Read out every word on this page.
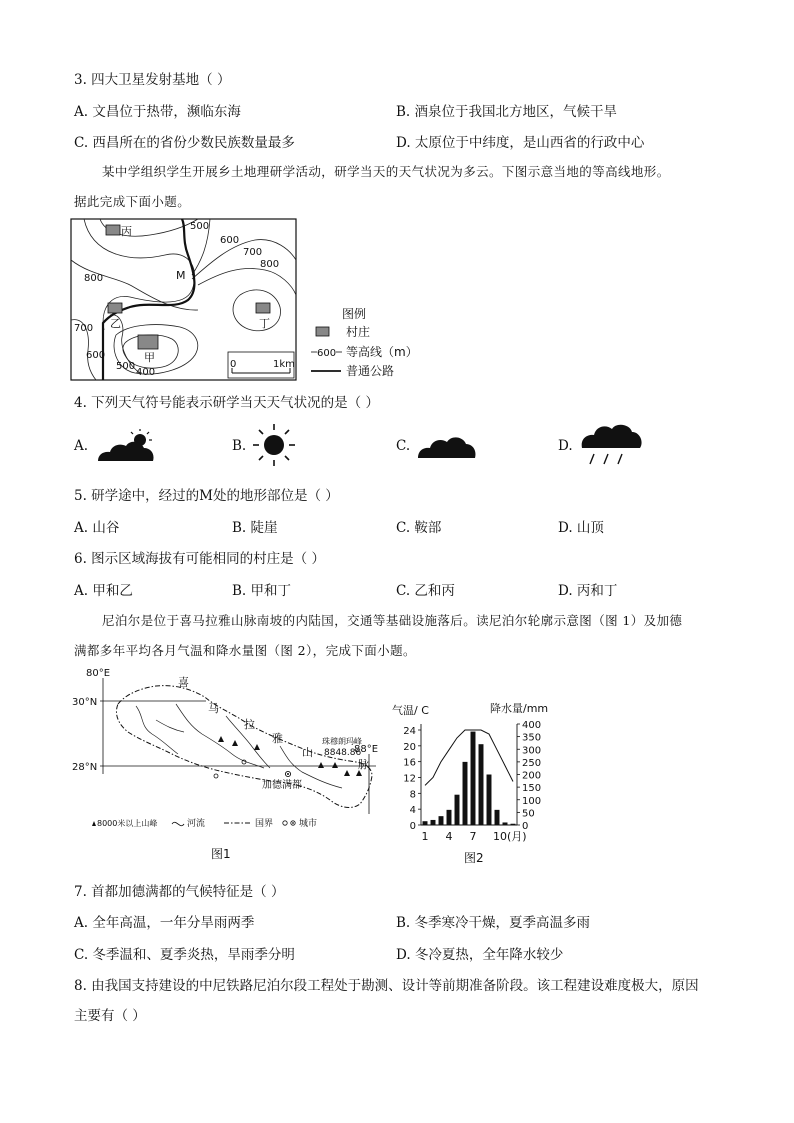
3. 四大卫星发射基地（ ）
A. 文昌位于热带，濒临东海	B. 酒泉位于我国北方地区，气候干旱
C. 西昌所在的省份少数民族数量最多	D. 太原位于中纬度，是山西省的行政中心
某中学组织学生开展乡土地理研学活动，研学当天的天气状况为多云。下图示意当地的等高线地形。
据此完成下面小题。
丙
乙
甲
丁
500
600
700
800
800
700
600
500
400
M
0	1km
图例
村庄
600 等高线（m）
普通公路
4. 下列天气符号能表示研学当天天气状况的是（ ）
A.	B.	C.	D.
5. 研学途中，经过的M处的地形部位是（ ）
A. 山谷	B. 陡崖	C. 鞍部	D. 山顶
6. 图示区域海拔有可能相同的村庄是（ ）
A. 甲和乙	B. 甲和丁	C. 乙和丙	D. 丙和丁
尼泊尔是位于喜马拉雅山脉南坡的内陆国，交通等基础设施落后。读尼泊尔轮廓示意图（图 1）及加德
满都多年平均各月气温和降水量图（图 2），完成下面小题。
80°E
30°N
28°N
88°E
喜
马
拉
雅
山
脉
珠穆朗玛峰
8848.86
加德满都
8000米以上山峰	河流	国界	城市
图1
气温/ C	降水量/mm
0
4
8
12
16
20
24
0
50
100
150
200
250
300
350
400
1 4 7 10(月)
图2
7. 首都加德满都的气候特征是（ ）
A. 全年高温，一年分旱雨两季	B. 冬季寒冷干燥，夏季高温多雨
C. 冬季温和、夏季炎热，旱雨季分明	D. 冬冷夏热，全年降水较少
8. 由我国支持建设的中尼铁路尼泊尔段工程处于勘测、设计等前期准备阶段。该工程建设难度极大，原因
主要有（ ）
